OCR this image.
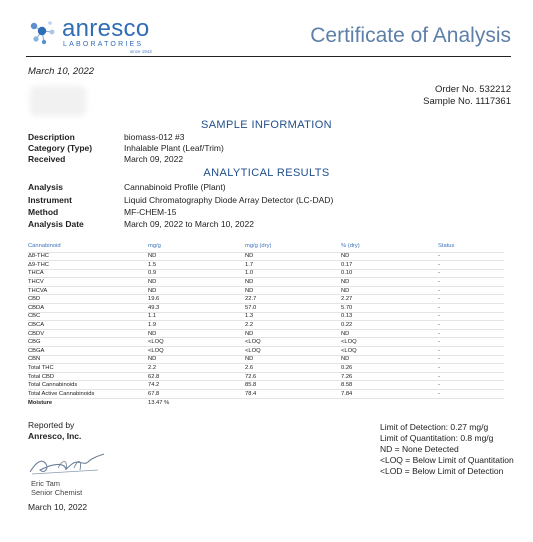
anresco
LABORATORIES
since 1943
Certificate of Analysis
March 10, 2022
Order No. 532212
Sample No. 1117361
SAMPLE INFORMATION
Description	biomass-012 #3
Category (Type)	Inhalable Plant (Leaf/Trim)
Received	March 09, 2022
ANALYTICAL RESULTS
Analysis	Cannabinoid Profile (Plant)
Instrument	Liquid Chromatography Diode Array Detector (LC-DAD)
Method	MF-CHEM-15
Analysis Date	March 09, 2022 to March 10, 2022
Cannabinoid	mg/g	mg/g (dry)	% (dry)	Status
Δ8-THC	ND	ND	ND	-
Δ9-THC	1.5	1.7	0.17	-
THCA	0.9	1.0	0.10	-
THCV	ND	ND	ND	-
THCVA	ND	ND	ND	-
CBD	19.6	22.7	2.27	-
CBDA	49.3	57.0	5.70	-
CBC	1.1	1.3	0.13	-
CBCA	1.9	2.2	0.22	-
CBDV	ND	ND	ND	-
CBG	<LOQ	<LOQ	<LOQ	-
CBGA	<LOQ	<LOQ	<LOQ	-
CBN	ND	ND	ND	-
Total THC	2.2	2.6	0.26	-
Total CBD	62.8	72.6	7.26	-
Total Cannabinoids	74.2	85.8	8.58	-
Total Active Cannabinoids	67.8	78.4	7.84	-
Moisture	13.47 %			
Reported by
Anresco, Inc.
Eric Tam
Senior Chemist
March 10, 2022
Limit of Detection: 0.27 mg/g
Limit of Quantitation: 0.8 mg/g
ND = None Detected
<LOQ = Below Limit of Quantitation
<LOD = Below Limit of Detection
